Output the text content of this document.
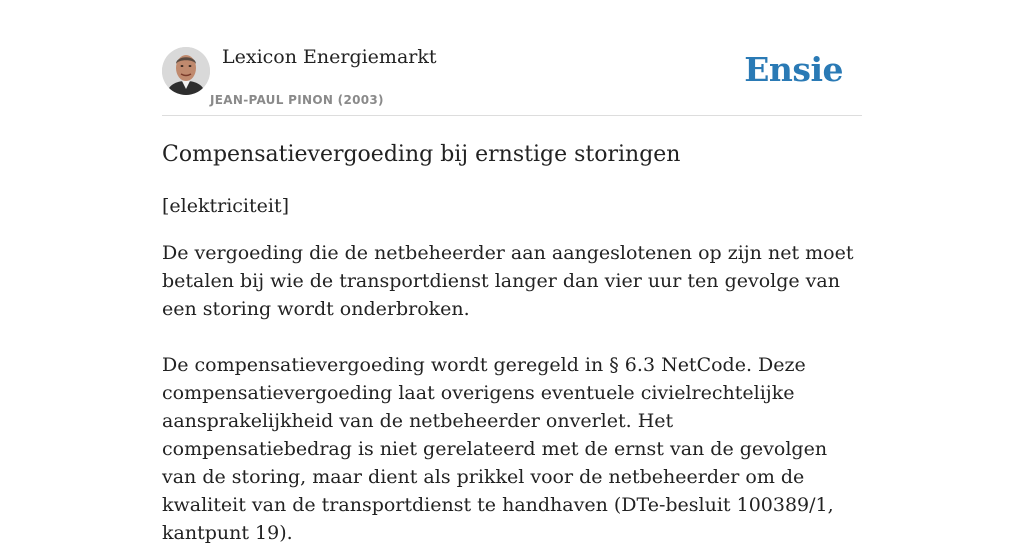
Lexicon Energiemarkt
JEAN-PAUL PINON (2003)
Ensie
Compensatievergoeding bij ernstige storingen

[elektriciteit]

De vergoeding die de netbeheerder aan aangeslotenen op zijn net moet betalen bij wie de transportdienst langer dan vier uur ten gevolge van een storing wordt onderbroken.

De compensatievergoeding wordt geregeld in § 6.3 NetCode. Deze compensatievergoeding laat overigens eventuele civielrechtelijke aansprakelijkheid van de netbeheerder onverlet. Het compensatiebedrag is niet gerelateerd met de ernst van de gevolgen van de storing, maar dient als prikkel voor de netbeheerder om de kwaliteit van de transportdienst te handhaven (DTe-besluit 100389/1, kantpunt 19).
